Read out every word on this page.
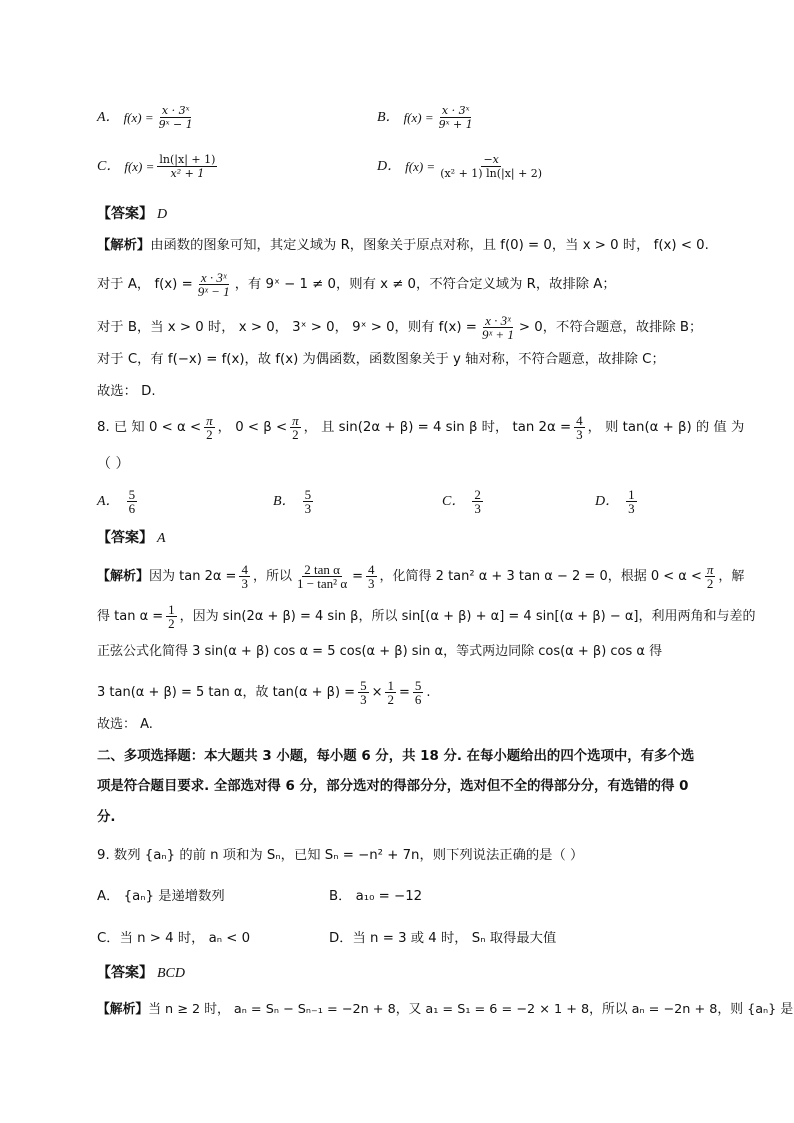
A． $f(x) = \frac{\text{x · 3ˣ}}{\text{9ˣ − 1}}$	B． $f(x) = \frac{\text{x · 3ˣ}}{\text{9ˣ + 1}}$
C． $f(x) = \frac{\ln(|x| + 1)}{\text{x² + 1}}$	D． $f(x) = \frac{-x}{\text{(x² + 1) ln(|x| + 2)}}$
【答案】 D
【解析】由函数的图象可知，其定义域为 R，图象关于原点对称，且 f(0) = 0，当 x > 0 时， f(x) < 0.
对于 A， $f(x) = \frac{\text{x · 3ˣ}}{\text{9ˣ − 1}}$ ，有 9ˣ − 1 ≠ 0，则有 x ≠ 0，不符合定义域为 R，故排除 A；
对于 B，当 x > 0 时， x > 0， 3ˣ > 0， 9ˣ > 0，则有 $f(x) = \frac{\text{x · 3ˣ}}{\text{9ˣ + 1}} > 0$，不符合题意，故排除 B；
对于 C，有 f(−x) = f(x)，故 f(x) 为偶函数，函数图象关于 y 轴对称，不符合题意，故排除 C；
故选： D.
8. 已 知 $0 < \alpha < \frac{\pi}{2}$ ， $0 < \beta < \frac{\pi}{2}$ ， 且 sin(2α + β) = 4 sin β 时， $\tan 2\alpha = \frac{4}{3}$ ， 则 tan(α + β) 的 值 为
（ ）
A． $\frac{5}{6}$	B． $\frac{5}{3}$	C． $\frac{2}{3}$	D． $\frac{1}{3}$
【答案】 A
【解析】 因为 $\tan 2\alpha = \frac{4}{3}$ ，所以 $\frac{\text{2 tan α}}{\text{1 − tan² α}} = \frac{4}{3}$ ，化简得 2 tan² α + 3 tan α − 2 = 0，根据 $0 < \alpha < \frac{\pi}{2}$ ，解
得 $\tan \alpha = \frac{1}{2}$ ，因为 sin(2α + β) = 4 sin β，所以 sin[(α + β) + α] = 4 sin[(α + β) − α]，利用两角和与差的
正弦公式化简得 3 sin(α + β) cos α = 5 cos(α + β) sin α，等式两边同除 cos(α + β) cos α 得
3 tan(α + β) = 5 tan α，故 $\tan(\alpha + \beta) = \frac{5}{3} \times \frac{1}{2} = \frac{5}{6}$ .
故选： A.
二、多项选择题：本大题共 3 小题，每小题 6 分，共 18 分. 在每小题给出的四个选项中，有多个选
项是符合题目要求. 全部选对得 6 分，部分选对的得部分分，选对但不全的得部分分，有选错的得 0
分.
9. 数列 {aₙ} 的前 n 项和为 Sₙ，已知 Sₙ = −n² + 7n，则下列说法正确的是（ ）
A． {aₙ} 是递增数列	B． a₁₀ = −12
C．当 n > 4 时， aₙ < 0	D．当 n = 3 或 4 时， Sₙ 取得最大值
【答案】 BCD
【解析】当 n ≥ 2 时， aₙ = Sₙ − Sₙ₋₁ = −2n + 8，又 a₁ = S₁ = 6 = −2 × 1 + 8，所以 aₙ = −2n + 8，则 {aₙ} 是
